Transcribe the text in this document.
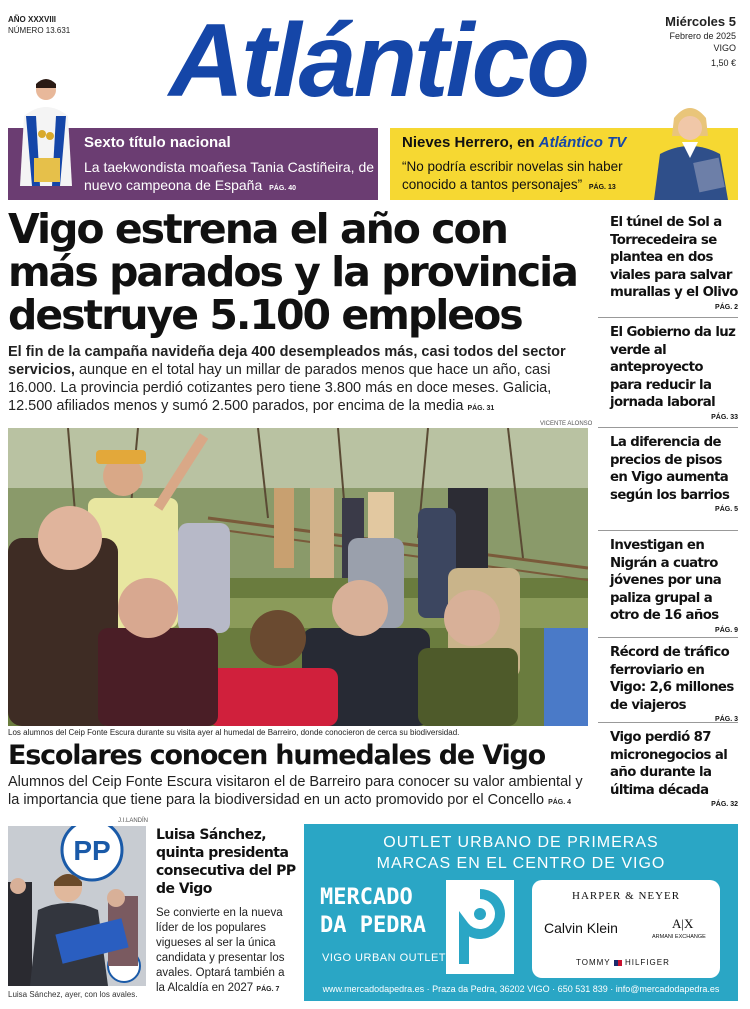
AÑO XXXVIII
NÚMERO 13.631 Atlántico	Miércoles 5
Febrero de 2025
VIGO
1,50 €
Sexto título nacional
La taekwondista moañesa Tania Castiñeira, de nuevo campeona de España PÁG. 40
Nieves Herrero, en Atlántico TV
“No podría escribir novelas sin haber conocido a tantos personajes” PÁG. 13
Vigo estrena el año con más parados y la provincia destruye 5.100 empleos
El fin de la campaña navideña deja 400 desempleados más, casi todos del sector servicios, aunque en el total hay un millar de parados menos que hace un año, casi 16.000. La provincia perdió cotizantes pero tiene 3.800 más en doce meses. Galicia, 12.500 afiliados menos y sumó 2.500 parados, por encima de la media PÁG. 31
VICENTE ALONSO
Los alumnos del Ceip Fonte Escura durante su visita ayer al humedal de Barreiro, donde conocieron de cerca su biodiversidad.
Escolares conocen humedales de Vigo
Alumnos del Ceip Fonte Escura visitaron el de Barreiro para conocer su valor ambiental y la importancia que tiene para la biodiversidad en un acto promovido por el Concello PÁG. 4
El túnel de Sol a Torrecedeira se plantea en dos viales para salvar murallas y el Olivo
PÁG. 2
El Gobierno da luz verde al anteproyecto para reducir la jornada laboral
PÁG. 33
La diferencia de precios de pisos en Vigo aumenta según los barrios
PÁG. 5
Investigan en Nigrán a cuatro jóvenes por una paliza grupal a otro de 16 años
PÁG. 9
Récord de tráfico ferroviario en Vigo: 2,6 millones de viajeros
PÁG. 3
Vigo perdió 87 micronegocios al año durante la última década
PÁG. 32
J.I.LANDÍN
PP
Luisa Sánchez, ayer, con los avales.
Luisa Sánchez, quinta presidenta consecutiva del PP de Vigo
Se convierte en la nueva líder de los populares vigueses al ser la única candidata y presentar los avales. Optará también a la Alcaldía en 2027 PÁG. 7
OUTLET URBANO DE PRIMERAS
MARCAS EN EL CENTRO DE VIGO
MERCADO
DA PEDRA
VIGO URBAN OUTLET
HARPER & NEYER
Calvin Klein	A|X
ARMANI EXCHANGE
TOMMY HILFIGER
www.mercadodapedra.es · Praza da Pedra, 36202 VIGO · 650 531 839 · info@mercadodapedra.es
